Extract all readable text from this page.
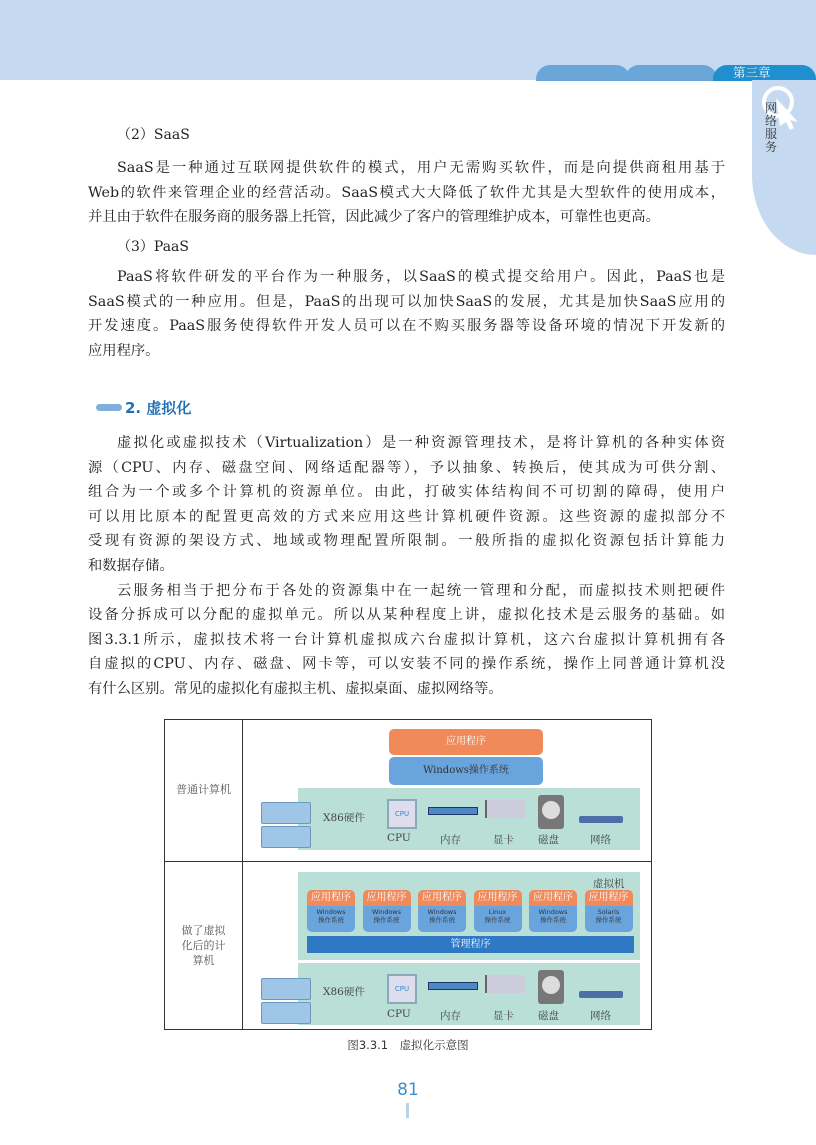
第三章
网络服务
（2）SaaS
SaaS是一种通过互联网提供软件的模式，用户无需购买软件，而是向提供商租用基于
Web的软件来管理企业的经营活动。SaaS模式大大降低了软件尤其是大型软件的使用成本，
并且由于软件在服务商的服务器上托管，因此减少了客户的管理维护成本，可靠性也更高。
（3）PaaS
PaaS将软件研发的平台作为一种服务，以SaaS的模式提交给用户。因此，PaaS也是
SaaS模式的一种应用。但是，PaaS的出现可以加快SaaS的发展，尤其是加快SaaS应用的
开发速度。PaaS服务使得软件开发人员可以在不购买服务器等设备环境的情况下开发新的
应用程序。
2. 虚拟化
虚拟化或虚拟技术（Virtualization）是一种资源管理技术，是将计算机的各种实体资
源（CPU、内存、磁盘空间、网络适配器等），予以抽象、转换后，使其成为可供分割、
组合为一个或多个计算机的资源单位。由此，打破实体结构间不可切割的障碍，使用户
可以用比原本的配置更高效的方式来应用这些计算机硬件资源。这些资源的虚拟部分不
受现有资源的架设方式、地域或物理配置所限制。一般所指的虚拟化资源包括计算能力
和数据存储。
云服务相当于把分布于各处的资源集中在一起统一管理和分配，而虚拟技术则把硬件
设备分拆成可以分配的虚拟单元。所以从某种程度上讲，虚拟化技术是云服务的基础。如
图3.3.1所示，虚拟技术将一台计算机虚拟成六台虚拟计算机，这六台虚拟计算机拥有各
自虚拟的CPU、内存、磁盘、网卡等，可以安装不同的操作系统，操作上同普通计算机没
有什么区别。常见的虚拟化有虚拟主机、虚拟桌面、虚拟网络等。
普通计算机
做了虚拟化后的计算机
应用程序
Windows操作系统
X86硬件	CPU
CPU	内存	显卡 磁盘	网络
虚拟机
应用程序
Windows
操作系统
应用程序
Windows
操作系统
应用程序
Windows
操作系统
应用程序
Linux
操作系统
应用程序
Windows
操作系统
应用程序
Solaris
操作系统
管理程序
X86硬件	CPU
CPU	内存	显卡 磁盘	网络
图3.3.1　虚拟化示意图
81
